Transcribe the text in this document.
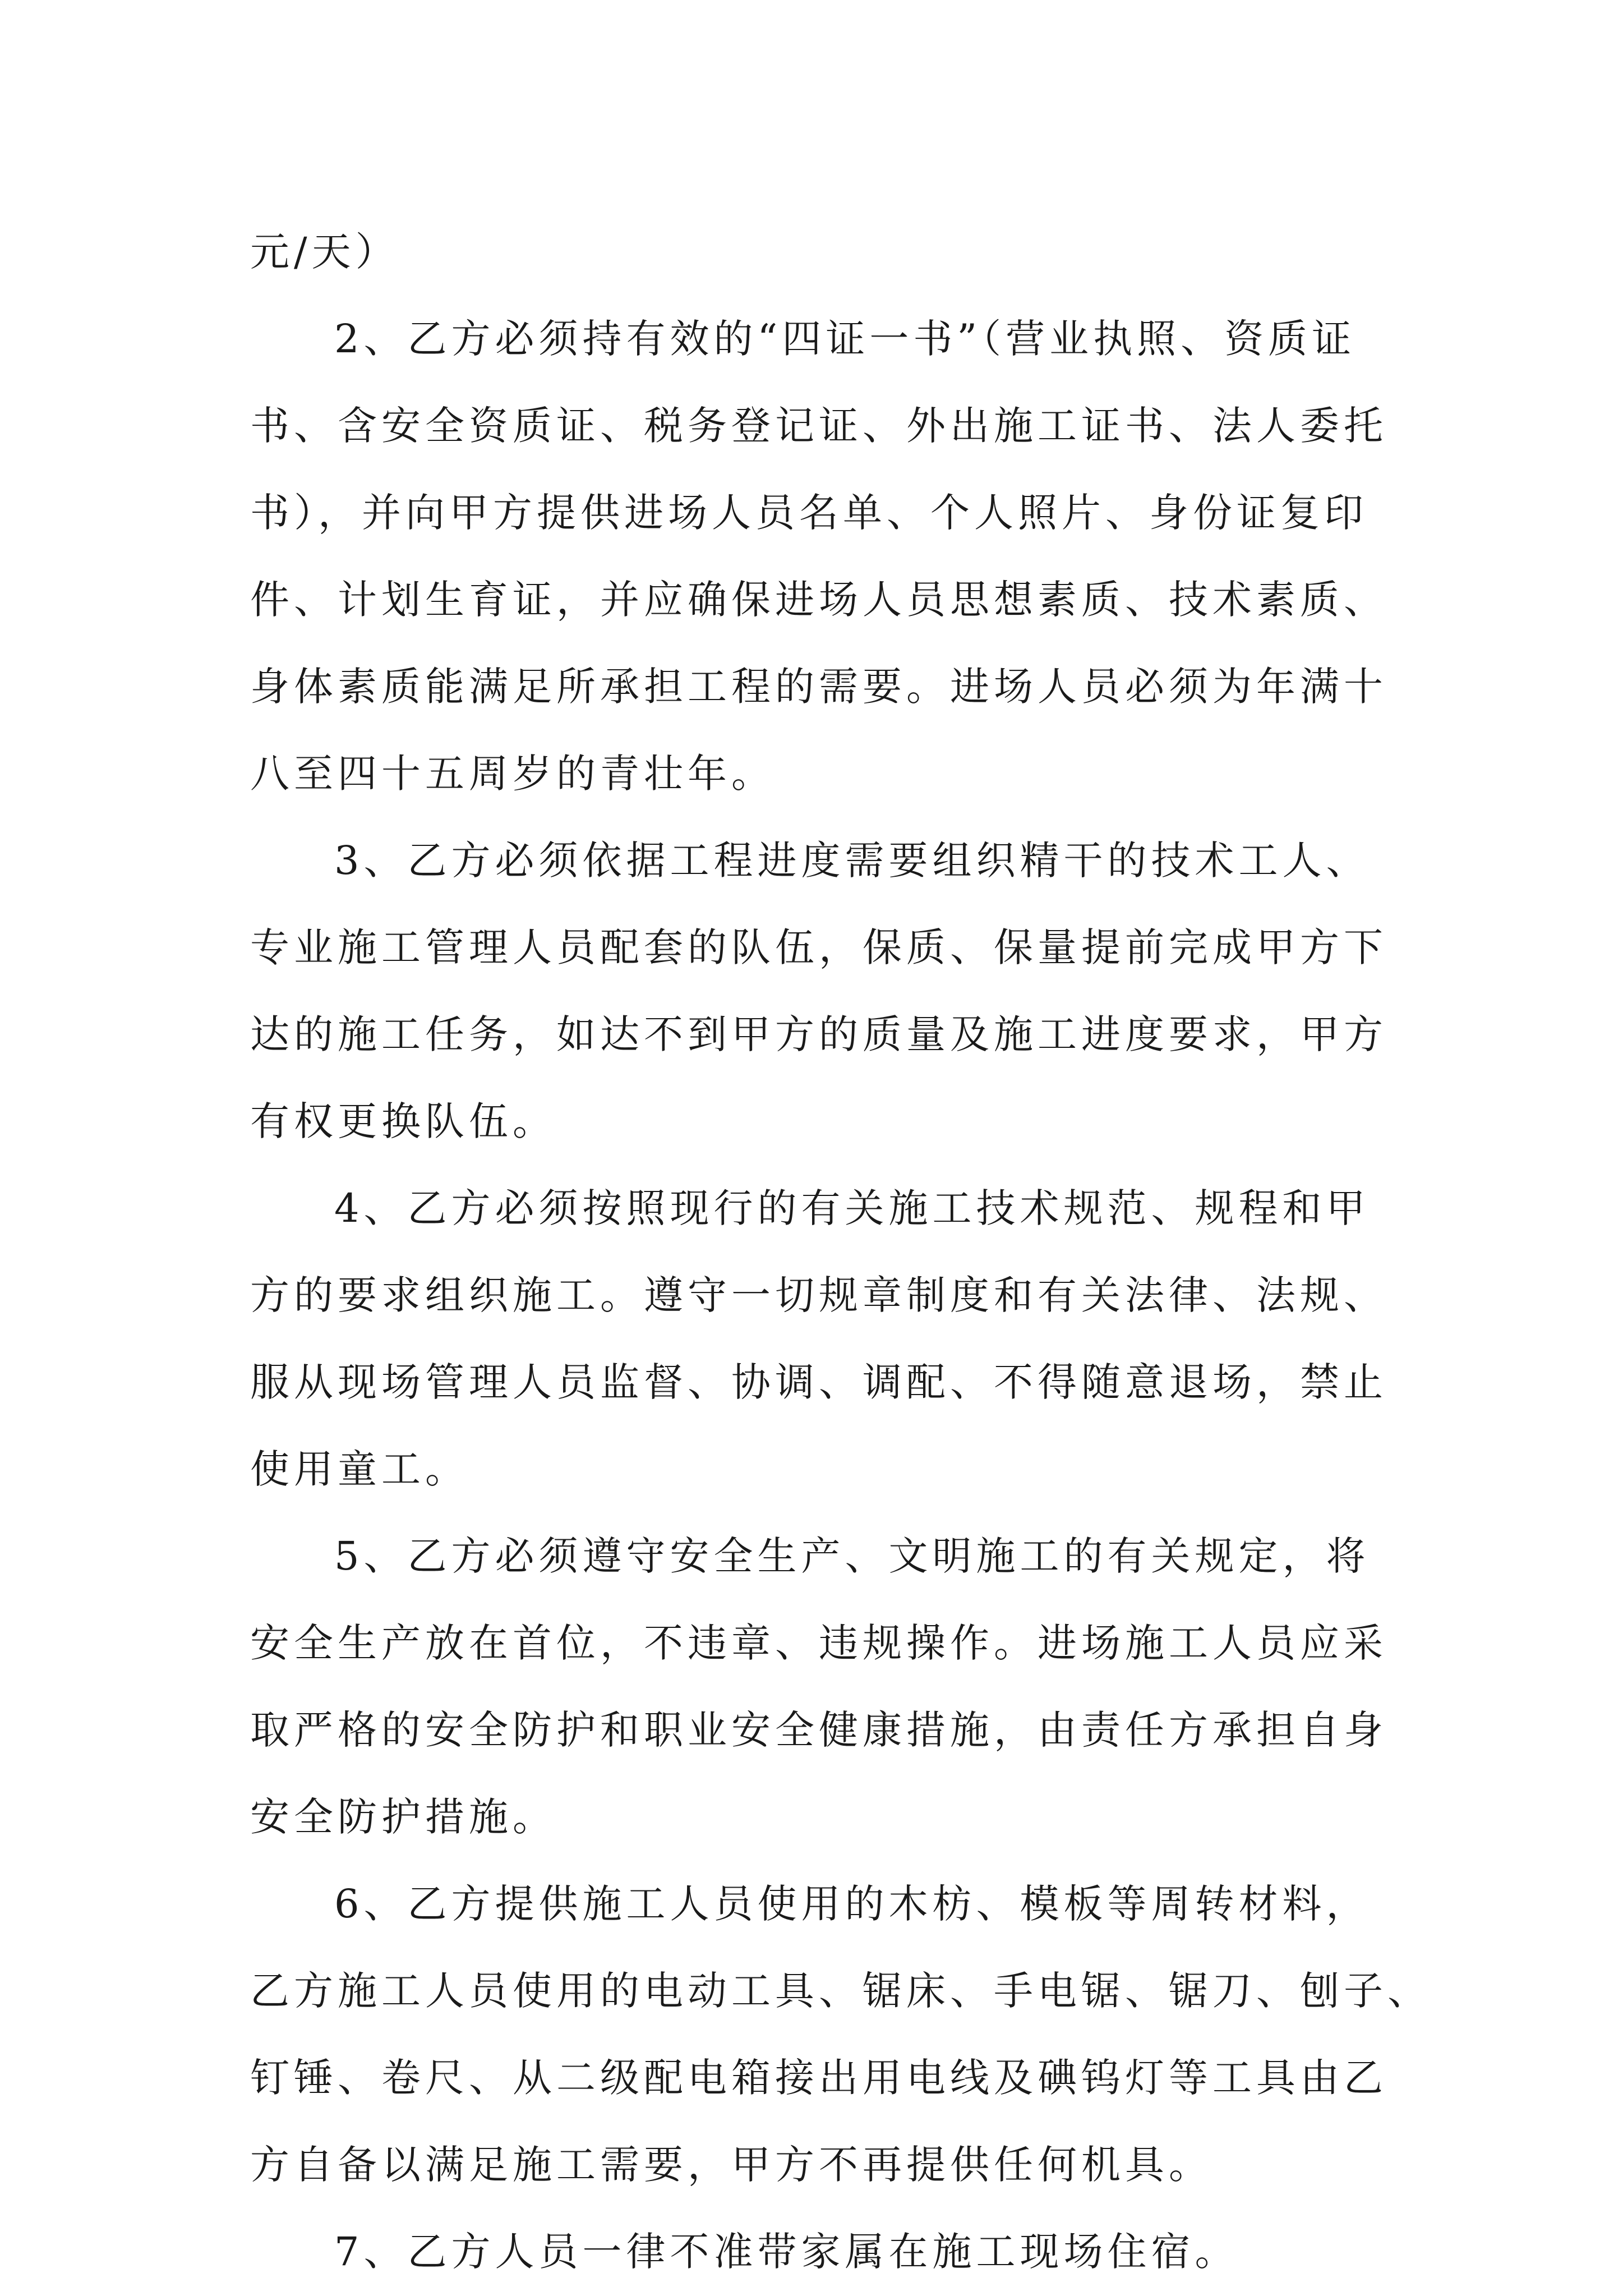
元/天）
2、乙方必须持有效的“四证一书”（营业执照、资质证
书、含安全资质证、税务登记证、外出施工证书、法人委托
书），并向甲方提供进场人员名单、个人照片、身份证复印
件、计划生育证，并应确保进场人员思想素质、技术素质、
身体素质能满足所承担工程的需要。进场人员必须为年满十
八至四十五周岁的青壮年。
3、乙方必须依据工程进度需要组织精干的技术工人、
专业施工管理人员配套的队伍，保质、保量提前完成甲方下
达的施工任务，如达不到甲方的质量及施工进度要求，甲方
有权更换队伍。
4、乙方必须按照现行的有关施工技术规范、规程和甲
方的要求组织施工。遵守一切规章制度和有关法律、法规、
服从现场管理人员监督、协调、调配、不得随意退场，禁止
使用童工。
5、乙方必须遵守安全生产、文明施工的有关规定，将
安全生产放在首位，不违章、违规操作。进场施工人员应采
取严格的安全防护和职业安全健康措施，由责任方承担自身
安全防护措施。
6、乙方提供施工人员使用的木枋、模板等周转材料，
乙方施工人员使用的电动工具、锯床、手电锯、锯刀、刨子、
钉锤、卷尺、从二级配电箱接出用电线及碘钨灯等工具由乙
方自备以满足施工需要，甲方不再提供任何机具。
7、乙方人员一律不准带家属在施工现场住宿。
